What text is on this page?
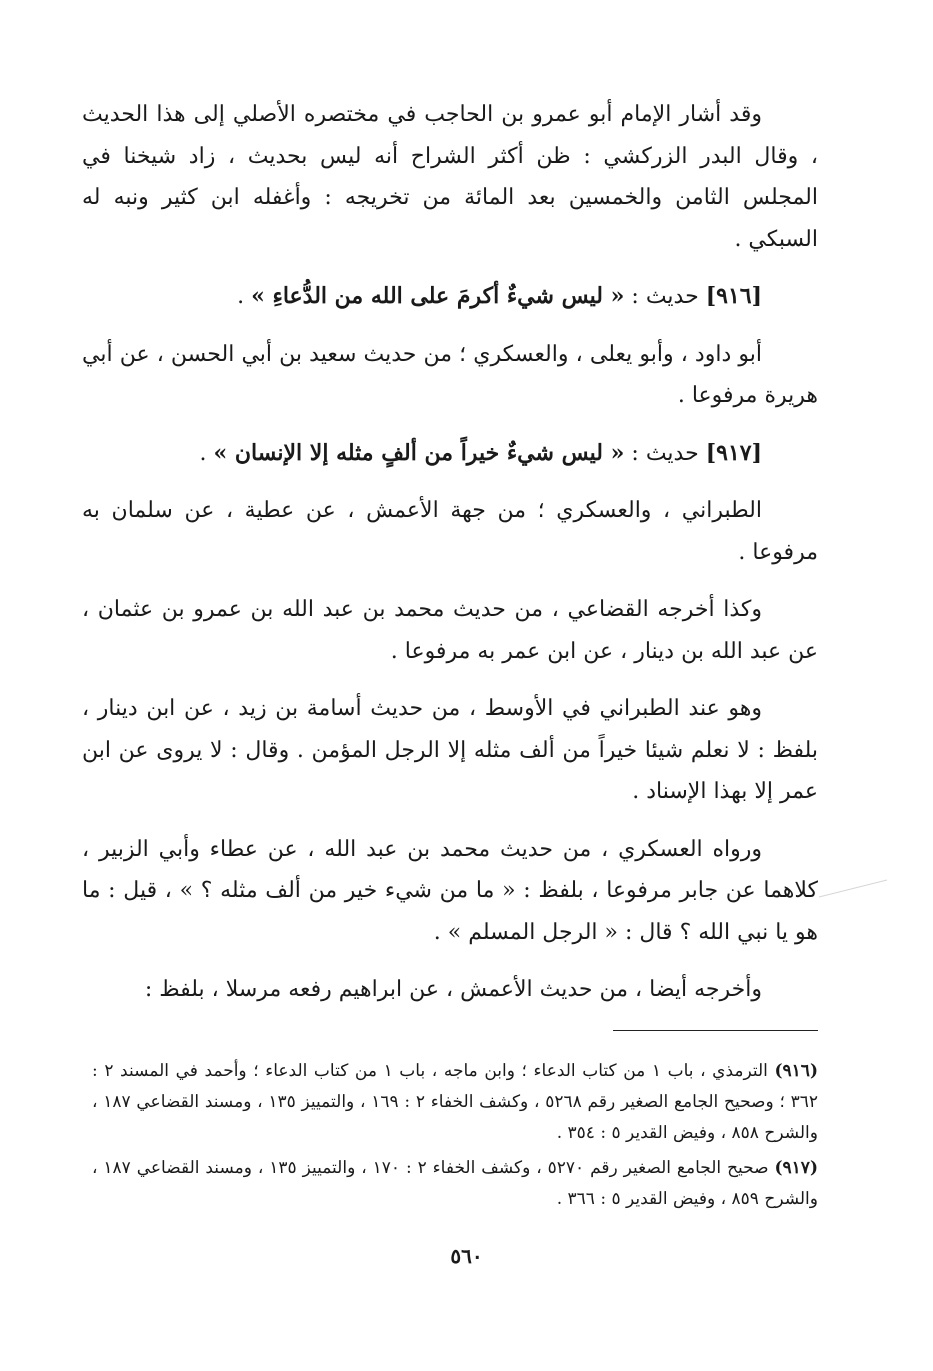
وقد أشار الإمام أبو عمرو بن الحاجب في مختصره الأصلي إلى هذا الحديث ، وقال البدر الزركشي : ظن أكثر الشراح أنه ليس بحديث ، زاد شيخنا في المجلس الثامن والخمسين بعد المائة من تخريجه : وأغفله ابن كثير ونبه له السبكي .

[٩١٦] حديث : « ليس شيءٌ أكرمَ على الله من الدُّعاءِ » .

أبو داود ، وأبو يعلى ، والعسكري ؛ من حديث سعيد بن أبي الحسن ، عن أبي هريرة مرفوعا .

[٩١٧] حديث : « ليس شيءٌ خيراً من ألفٍ مثله إلا الإنسان » .

الطبراني ، والعسكري ؛ من جهة الأعمش ، عن عطية ، عن سلمان به مرفوعا .

وكذا أخرجه القضاعي ، من حديث محمد بن عبد الله بن عمرو بن عثمان ، عن عبد الله بن دينار ، عن ابن عمر به مرفوعا .

وهو عند الطبراني في الأوسط ، من حديث أسامة بن زيد ، عن ابن دينار ، بلفظ : لا نعلم شيئا خيراً من ألف مثله إلا الرجل المؤمن . وقال : لا يروى عن ابن عمر إلا بهذا الإسناد .

ورواه العسكري ، من حديث محمد بن عبد الله ، عن عطاء وأبي الزبير ، كلاهما عن جابر مرفوعا ، بلفظ : « ما من شيء خير من ألف مثله ؟ » ، قيل : ما هو يا نبي الله ؟ قال : « الرجل المسلم » .

وأخرجه أيضا ، من حديث الأعمش ، عن ابراهيم رفعه مرسلا ، بلفظ :

(٩١٦) الترمذي ، باب ١ من كتاب الدعاء ؛ وابن ماجه ، باب ١ من كتاب الدعاء ؛ وأحمد في المسند ٢ : ٣٦٢ ؛ وصحيح الجامع الصغير رقم ٥٢٦٨ ، وكشف الخفاء ٢ : ١٦٩ ، والتمييز ١٣٥ ، ومسند القضاعي ١٨٧ ، والشرح ٨٥٨ ، وفيض القدير ٥ : ٣٥٤ .

(٩١٧) صحيح الجامع الصغير رقم ٥٢٧٠ ، وكشف الخفاء ٢ : ١٧٠ ، والتمييز ١٣٥ ، ومسند القضاعي ١٨٧ ، والشرح ٨٥٩ ، وفيض القدير ٥ : ٣٦٦ .

٥٦٠
